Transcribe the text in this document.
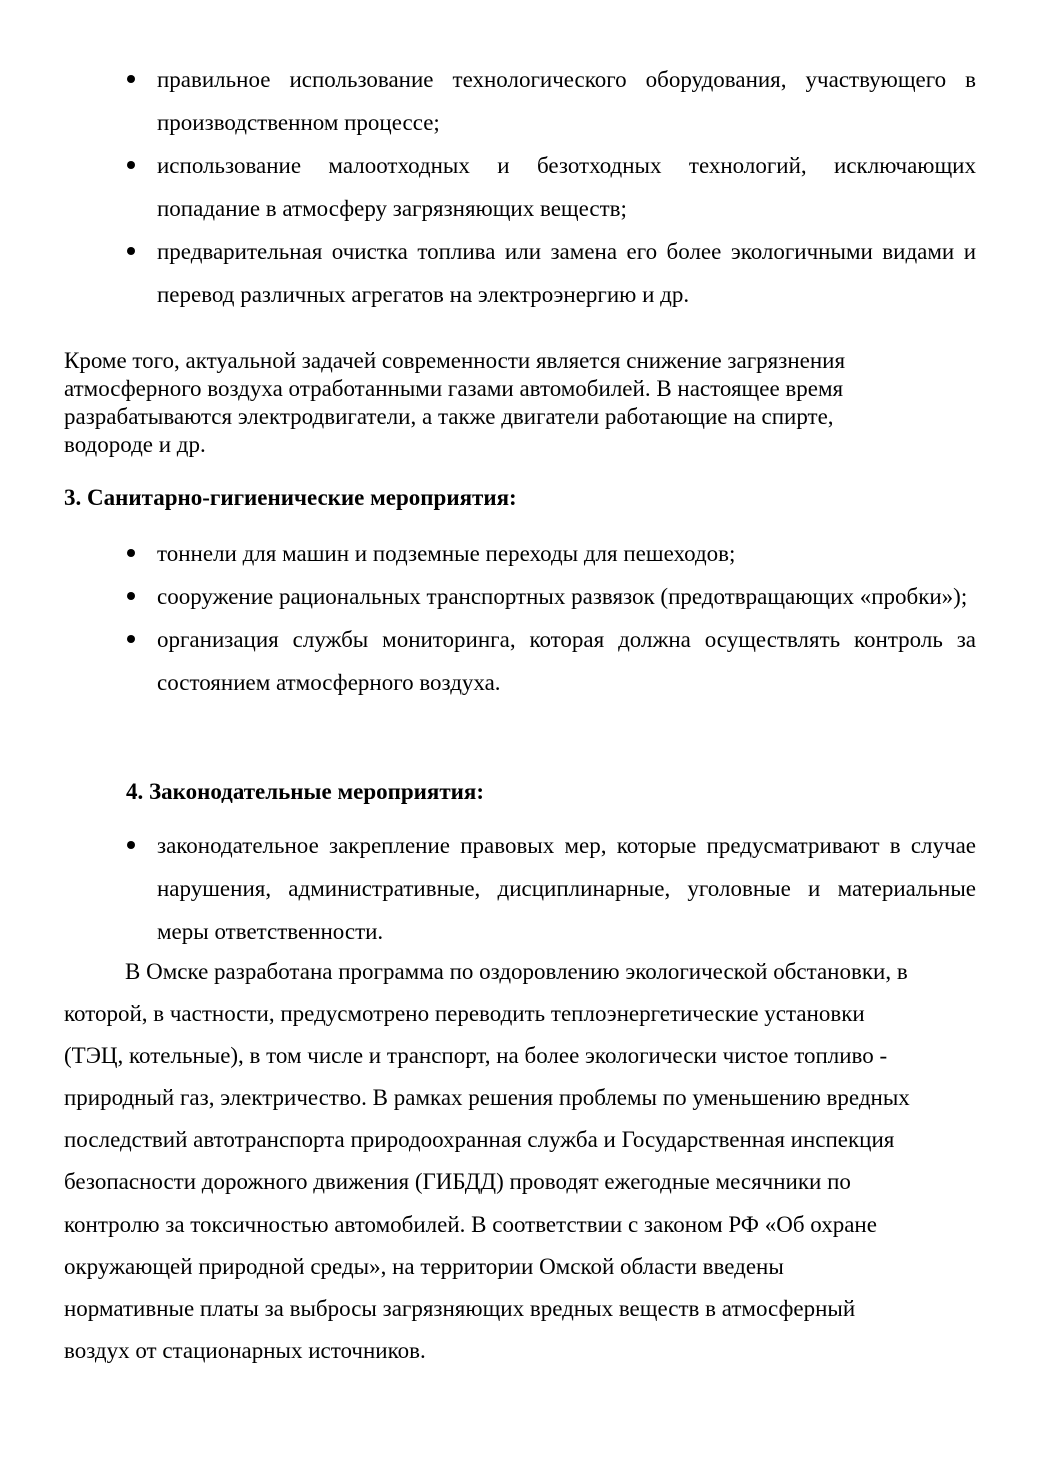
правильное использование технологического оборудования, участвующего в производственном процессе;
использование малоотходных и безотходных технологий, исключающих попадание в атмосферу загрязняющих веществ;
предварительная очистка топлива или замена его более экологичными видами и перевод различных агрегатов на электроэнергию и др.

Кроме того, актуальной задачей современности является снижение загрязнения
атмосферного воздуха отработанными газами автомобилей. В настоящее время
разрабатываются электродвигатели, а также двигатели работающие на спирте,
водороде и др.

3. Санитарно-гигиенические мероприятия:
тоннели для машин и подземные переходы для пешеходов;
сооружение рациональных транспортных развязок (предотвращающих «пробки»);
организация службы мониторинга, которая должна осуществлять контроль за состоянием атмосферного воздуха.
4. Законодательные мероприятия:
законодательное закрепление правовых мер, которые предусматривают в случае нарушения, административные, дисциплинарные, уголовные и материальные меры ответственности.

В Омске разработана программа по оздоровлению экологической обстановки, в
которой, в частности, предусмотрено переводить теплоэнергетические установки
(ТЭЦ, котельные), в том числе и транспорт, на более экологически чистое топливо -
природный газ, электричество. В рамках решения проблемы по уменьшению вредных
последствий автотранспорта природоохранная служба и Государственная инспекция
безопасности дорожного движения (ГИБДД) проводят ежегодные месячники по
контролю за токсичностью автомобилей. В соответствии с законом РФ «Об охране
окружающей природной среды», на территории Омской области введены
нормативные платы за выбросы загрязняющих вредных веществ в атмосферный
воздух от стационарных источников.
